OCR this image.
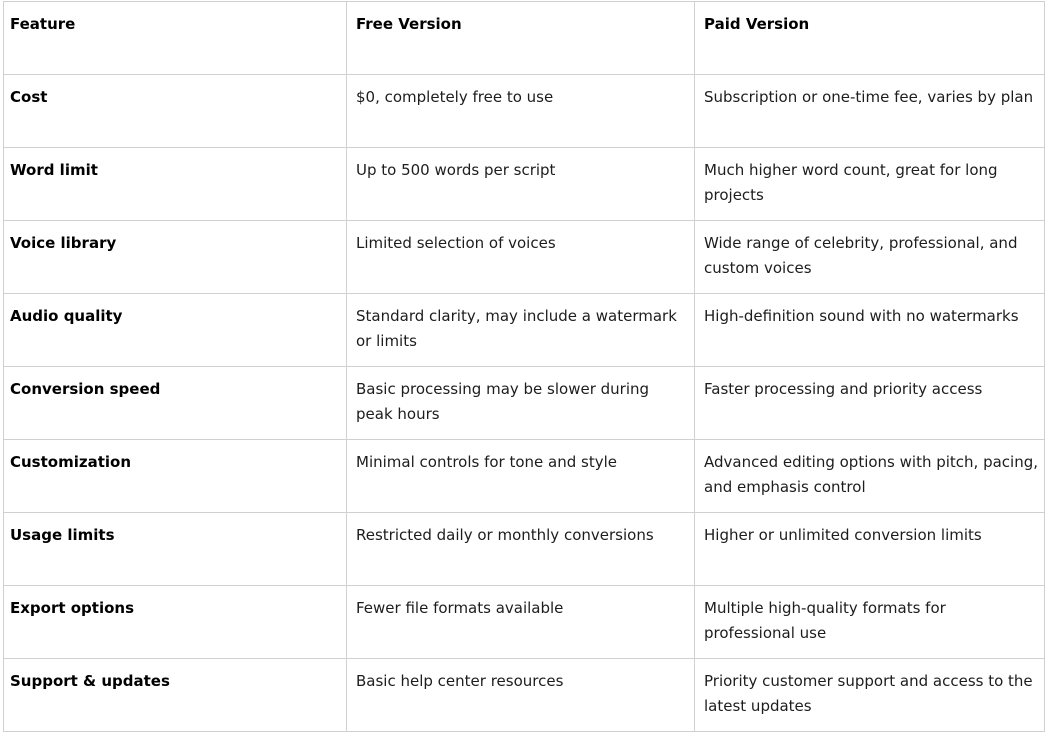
Feature	Free Version	Paid Version
Cost	$0, completely free to use	Subscription or one-time fee, varies by plan
Word limit	Up to 500 words per script	Much higher word count, great for long projects
Voice library	Limited selection of voices	Wide range of celebrity, professional, and custom voices
Audio quality	Standard clarity, may include a watermark or limits	High-definition sound with no watermarks
Conversion speed	Basic processing may be slower during peak hours	Faster processing and priority access
Customization	Minimal controls for tone and style	Advanced editing options with pitch, pacing, and emphasis control
Usage limits	Restricted daily or monthly conversions	Higher or unlimited conversion limits
Export options	Fewer file formats available	Multiple high-quality formats for professional use
Support & updates	Basic help center resources	Priority customer support and access to the latest updates
